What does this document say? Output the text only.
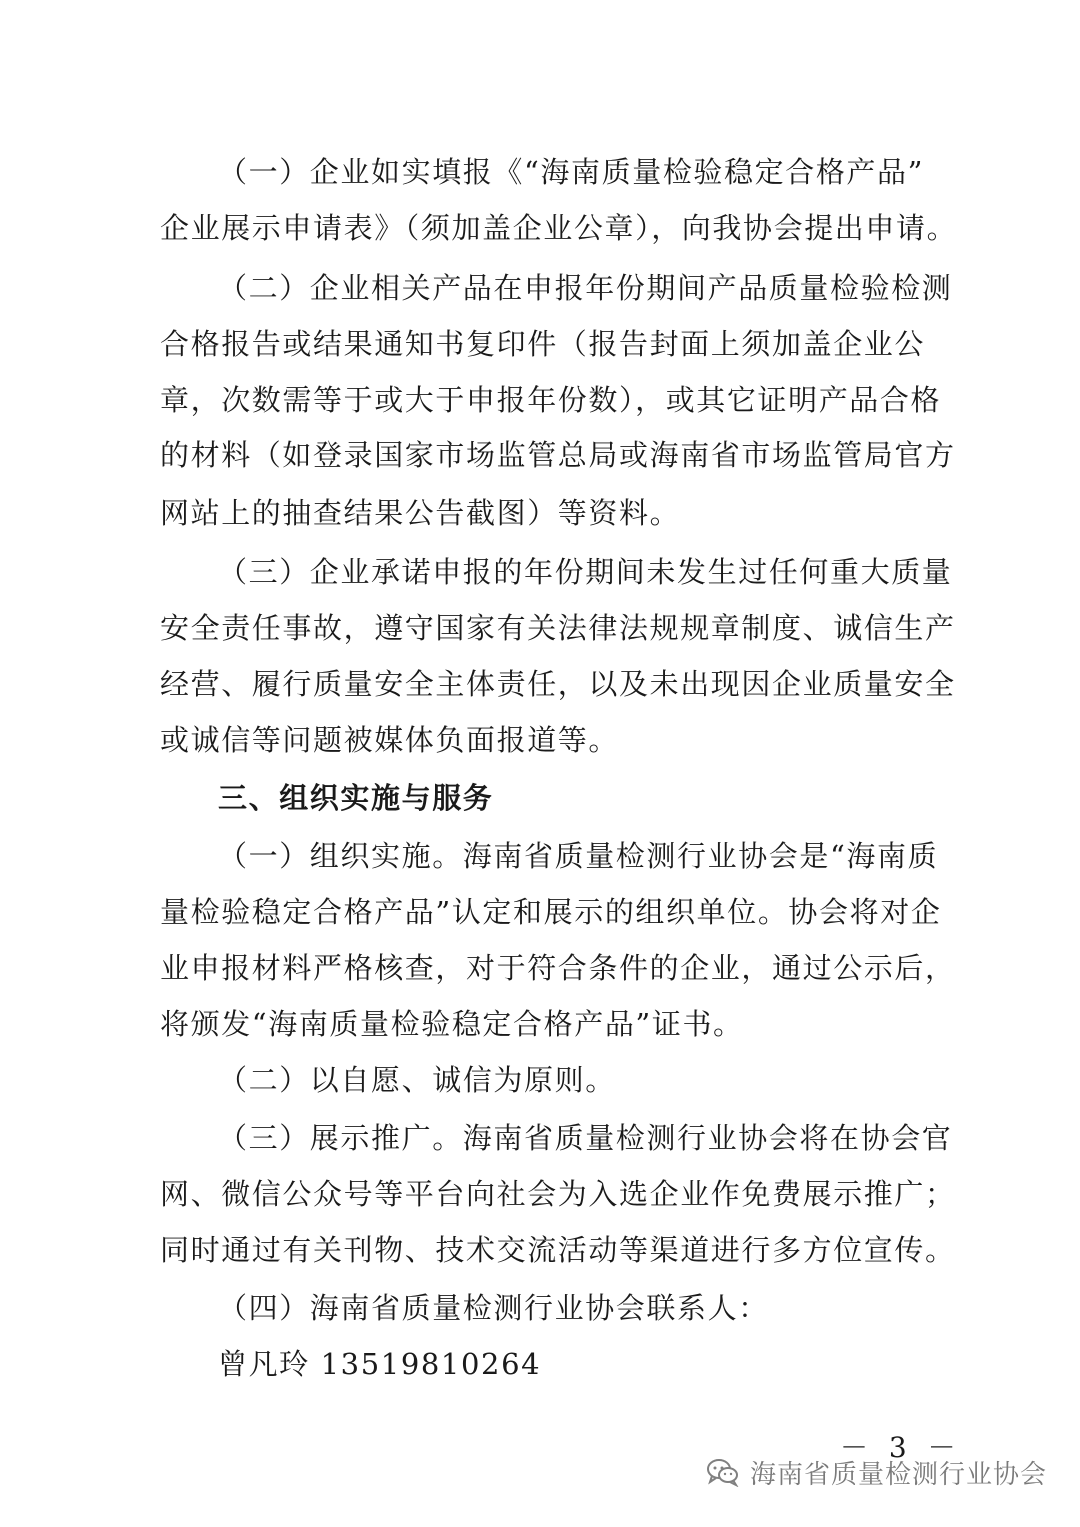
（一）企业如实填报《“海南质量检验稳定合格产品”
企业展示申请表》（须加盖企业公章），向我协会提出申请。
（二）企业相关产品在申报年份期间产品质量检验检测
合格报告或结果通知书复印件（报告封面上须加盖企业公
章，次数需等于或大于申报年份数），或其它证明产品合格
的材料（如登录国家市场监管总局或海南省市场监管局官方
网站上的抽查结果公告截图）等资料。
（三）企业承诺申报的年份期间未发生过任何重大质量
安全责任事故，遵守国家有关法律法规规章制度、诚信生产
经营、履行质量安全主体责任，以及未出现因企业质量安全
或诚信等问题被媒体负面报道等。
三、组织实施与服务
（一）组织实施。海南省质量检测行业协会是“海南质
量检验稳定合格产品”认定和展示的组织单位。协会将对企
业申报材料严格核查，对于符合条件的企业，通过公示后，
将颁发“海南质量检验稳定合格产品”证书。
（二）以自愿、诚信为原则。
（三）展示推广。海南省质量检测行业协会将在协会官
网、微信公众号等平台向社会为入选企业作免费展示推广；
同时通过有关刊物、技术交流活动等渠道进行多方位宣传。
（四）海南省质量检测行业协会联系人：
曾凡玲 13519810264
－ 3 －
海南省质量检测行业协会
